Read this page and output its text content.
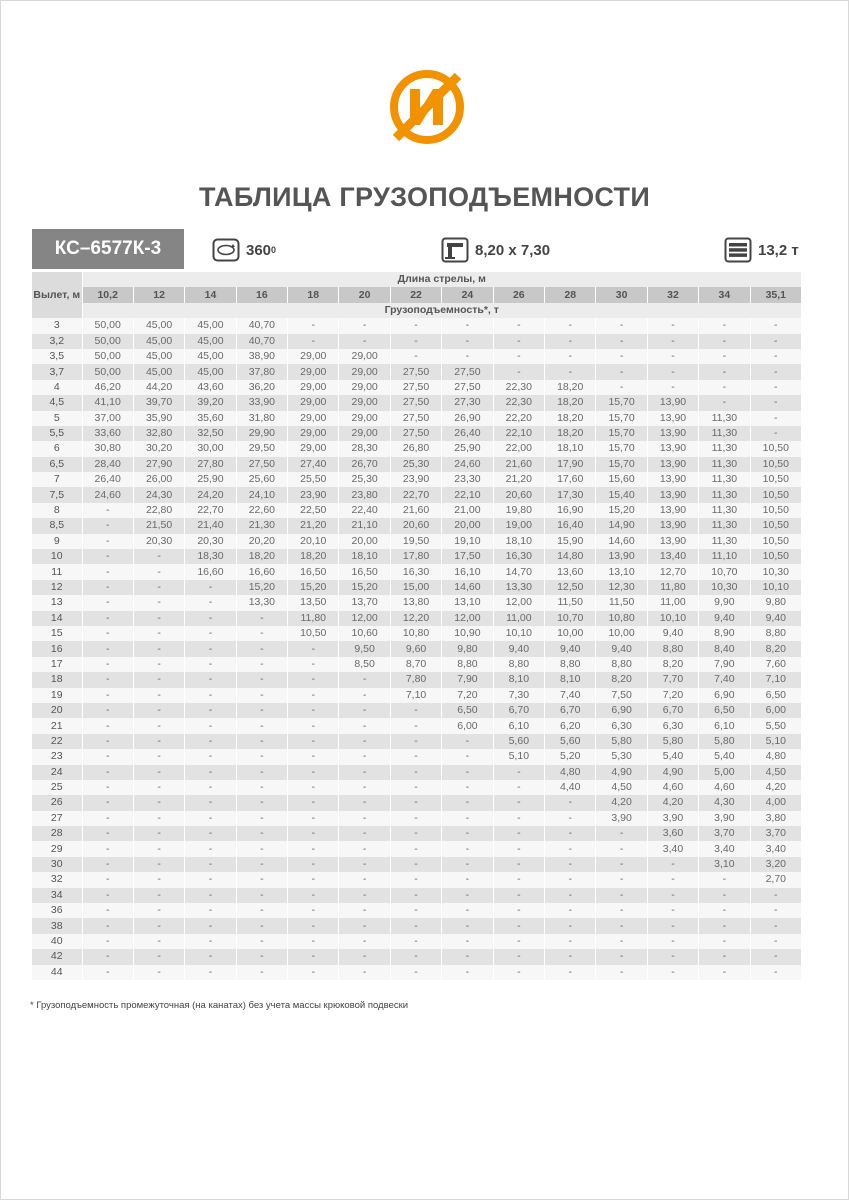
ТАБЛИЦА ГРУЗОПОДЪЕМНОСТИ
КС–6577К-3	360 0	8,20 х 7,30	13,2 т
Вылет, м	Длина стрелы, м													
	10,2	12	14	16	18	20	22	24	26	28	30	32	34	35,1
	Грузоподъемность*, т													
3	50,00	45,00	45,00	40,70	-	-	-	-	-	-	-	-	-	-
3,2	50,00	45,00	45,00	40,70	-	-	-	-	-	-	-	-	-	-
3,5	50,00	45,00	45,00	38,90	29,00	29,00	-	-	-	-	-	-	-	-
3,7	50,00	45,00	45,00	37,80	29,00	29,00	27,50	27,50	-	-	-	-	-	-
4	46,20	44,20	43,60	36,20	29,00	29,00	27,50	27,50	22,30	18,20	-	-	-	-
4,5	41,10	39,70	39,20	33,90	29,00	29,00	27,50	27,30	22,30	18,20	15,70	13,90	-	-
5	37,00	35,90	35,60	31,80	29,00	29,00	27,50	26,90	22,20	18,20	15,70	13,90	11,30	-
5,5	33,60	32,80	32,50	29,90	29,00	29,00	27,50	26,40	22,10	18,20	15,70	13,90	11,30	-
6	30,80	30,20	30,00	29,50	29,00	28,30	26,80	25,90	22,00	18,10	15,70	13,90	11,30	10,50
6,5	28,40	27,90	27,80	27,50	27,40	26,70	25,30	24,60	21,60	17,90	15,70	13,90	11,30	10,50
7	26,40	26,00	25,90	25,60	25,50	25,30	23,90	23,30	21,20	17,60	15,60	13,90	11,30	10,50
7,5	24,60	24,30	24,20	24,10	23,90	23,80	22,70	22,10	20,60	17,30	15,40	13,90	11,30	10,50
8	-	22,80	22,70	22,60	22,50	22,40	21,60	21,00	19,80	16,90	15,20	13,90	11,30	10,50
8,5	-	21,50	21,40	21,30	21,20	21,10	20,60	20,00	19,00	16,40	14,90	13,90	11,30	10,50
9	-	20,30	20,30	20,20	20,10	20,00	19,50	19,10	18,10	15,90	14,60	13,90	11,30	10,50
10	-	-	18,30	18,20	18,20	18,10	17,80	17,50	16,30	14,80	13,90	13,40	11,10	10,50
11	-	-	16,60	16,60	16,50	16,50	16,30	16,10	14,70	13,60	13,10	12,70	10,70	10,30
12	-	-	-	15,20	15,20	15,20	15,00	14,60	13,30	12,50	12,30	11,80	10,30	10,10
13	-	-	-	13,30	13,50	13,70	13,80	13,10	12,00	11,50	11,50	11,00	9,90	9,80
14	-	-	-	-	11,80	12,00	12,20	12,00	11,00	10,70	10,80	10,10	9,40	9,40
15	-	-	-	-	10,50	10,60	10,80	10,90	10,10	10,00	10,00	9,40	8,90	8,80
16	-	-	-	-	-	9,50	9,60	9,80	9,40	9,40	9,40	8,80	8,40	8,20
17	-	-	-	-	-	8,50	8,70	8,80	8,80	8,80	8,80	8,20	7,90	7,60
18	-	-	-	-	-	-	7,80	7,90	8,10	8,10	8,20	7,70	7,40	7,10
19	-	-	-	-	-	-	7,10	7,20	7,30	7,40	7,50	7,20	6,90	6,50
20	-	-	-	-	-	-	-	6,50	6,70	6,70	6,90	6,70	6,50	6,00
21	-	-	-	-	-	-	-	6,00	6,10	6,20	6,30	6,30	6,10	5,50
22	-	-	-	-	-	-	-	-	5,60	5,60	5,80	5,80	5,80	5,10
23	-	-	-	-	-	-	-	-	5,10	5,20	5,30	5,40	5,40	4,80
24	-	-	-	-	-	-	-	-	-	4,80	4,90	4,90	5,00	4,50
25	-	-	-	-	-	-	-	-	-	4,40	4,50	4,60	4,60	4,20
26	-	-	-	-	-	-	-	-	-	-	4,20	4,20	4,30	4,00
27	-	-	-	-	-	-	-	-	-	-	3,90	3,90	3,90	3,80
28	-	-	-	-	-	-	-	-	-	-	-	3,60	3,70	3,70
29	-	-	-	-	-	-	-	-	-	-	-	3,40	3,40	3,40
30	-	-	-	-	-	-	-	-	-	-	-	-	3,10	3,20
32	-	-	-	-	-	-	-	-	-	-	-	-	-	2,70
34	-	-	-	-	-	-	-	-	-	-	-	-	-	-
36	-	-	-	-	-	-	-	-	-	-	-	-	-	-
38	-	-	-	-	-	-	-	-	-	-	-	-	-	-
40	-	-	-	-	-	-	-	-	-	-	-	-	-	-
42	-	-	-	-	-	-	-	-	-	-	-	-	-	-
44	-	-	-	-	-	-	-	-	-	-	-	-	-	-
* Грузоподъемность промежуточная (на канатах) без учета массы крюковой подвески
